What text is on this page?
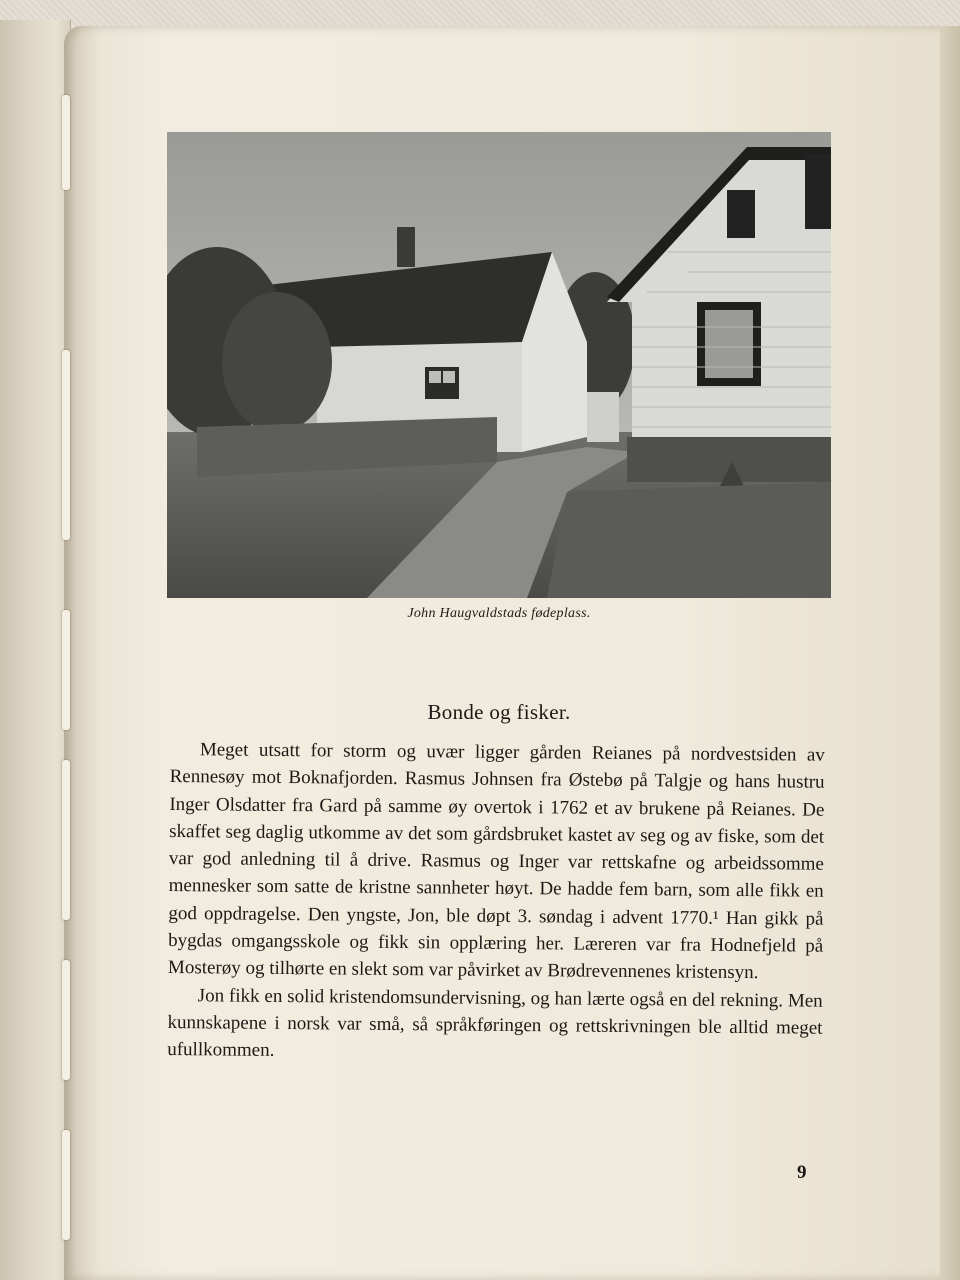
John Haugvaldstads fødeplass.
Bonde og fisker.

Meget utsatt for storm og uvær ligger gården Reianes på nordvestsiden av Rennesøy mot Boknafjorden. Rasmus Johnsen fra Østebø på Talgje og hans hustru Inger Olsdatter fra Gard på samme øy overtok i 1762 et av brukene på Reianes. De skaffet seg daglig utkomme av det som gårdsbruket kastet av seg og av fiske, som det var god anledning til å drive. Rasmus og Inger var rettskafne og arbeidssomme mennesker som satte de kristne sannheter høyt. De hadde fem barn, som alle fikk en god oppdragelse. Den yngste, Jon, ble døpt 3. søndag i advent 1770.¹ Han gikk på bygdas omgangsskole og fikk sin opplæring her. Læreren var fra Hodnefjeld på Mosterøy og tilhørte en slekt som var påvirket av Brødrevennenes kristensyn.

Jon fikk en solid kristendomsundervisning, og han lærte også en del rekning. Men kunnskapene i norsk var små, så språkføringen og rettskrivningen ble alltid meget ufullkommen.

9
